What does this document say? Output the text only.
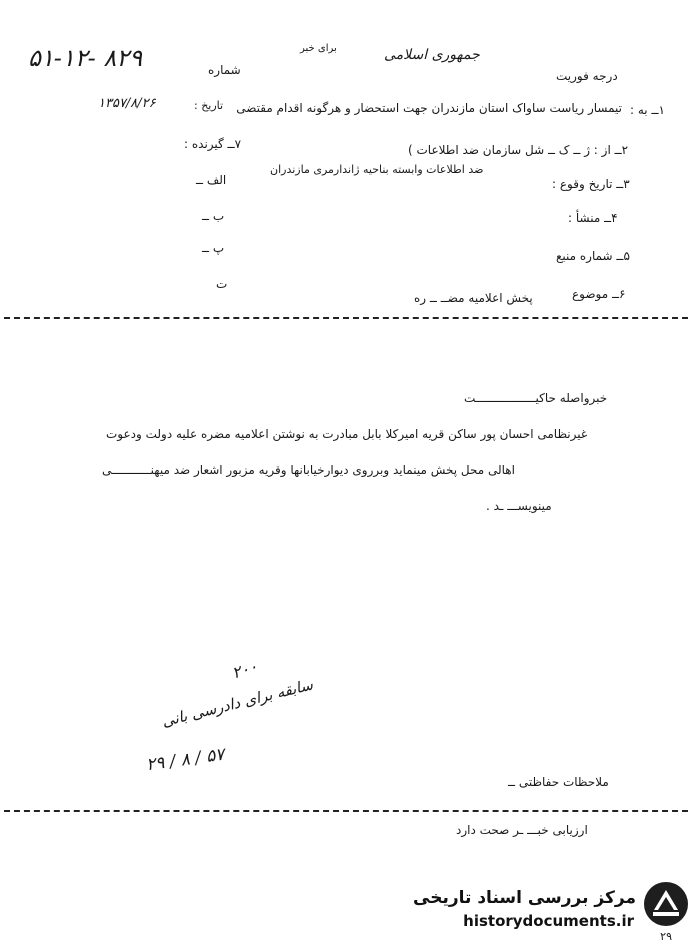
برای خبر	جمهوری اسلامی
۵۱-۱۲- ۸۲۹	شماره	درجه فوریت
۱ــ به :
تیمسار ریاست ساواک استان مازندران جهت استحضار و هرگونه اقدام مقتضی
تاریخ :
۱۳۵۷/۸/۲۶
۲ــ از : ژ ــ ک ــ شل سازمان ضد اطلاعات )
ضد اطلاعات وابسته بناحیه ژاندارمری مازندران
۷ــ گیرنده :
۳ــ تاریخ وقوع :
الف ــ
ب ــ	۴ــ منشأ :
پ ــ
۵ــ شماره منبع
ت
۶ــ موضوع
پخش اعلامیه مضــ ــ ره
خبرواصله حاکیـــــــــــــــــت
غیرنظامی احسان پور ساکن قریه امیرکلا بابل مبادرت به نوشتن اعلامیه مضره علیه دولت ودعوت
اهالی محل پخش مینماید وبرروی دیوارخیابانها وقریه مزبور اشعار ضد میهنـــــــــــی
مینویســـ ـد .
۲۰۰
سابقه برای دادرسی بانی
۲۹ / ۸ / ۵۷
ملاحظات حفاظتی ــ
ارزیابی خبـــ ـر صحت دارد
مرکز بررسی اسناد تاریخی
historydocuments.ir
۲۹
